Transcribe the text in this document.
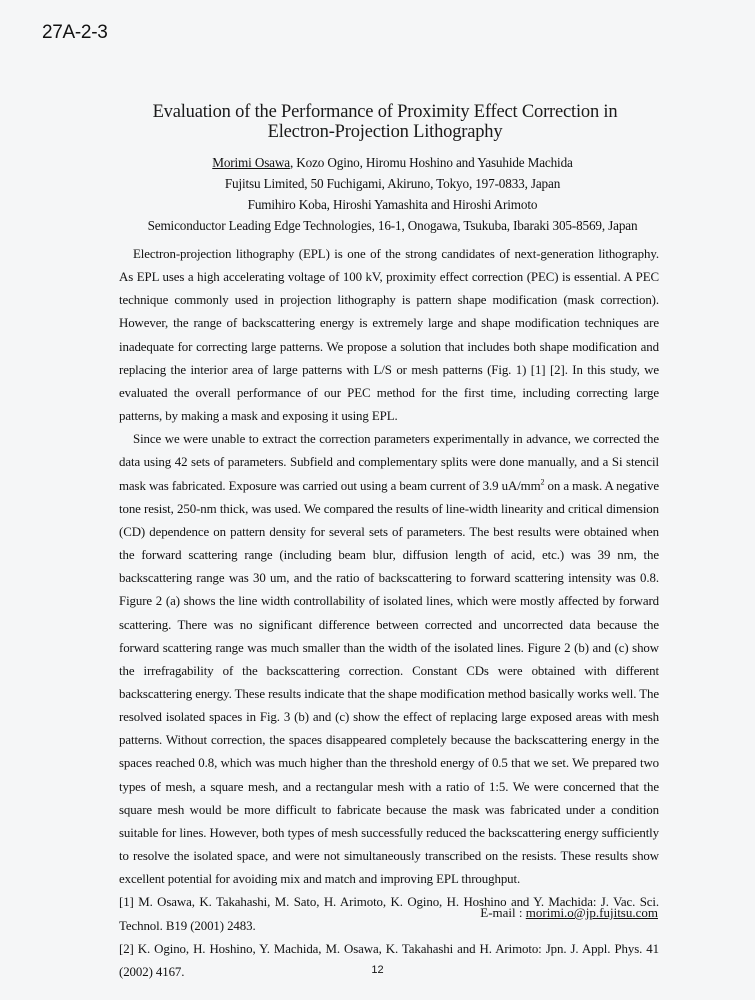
27A-2-3
Evaluation of the Performance of Proximity Effect Correction in
Electron-Projection Lithography
Morimi Osawa, Kozo Ogino, Hiromu Hoshino and Yasuhide Machida
Fujitsu Limited, 50 Fuchigami, Akiruno, Tokyo, 197-0833, Japan
Fumihiro Koba, Hiroshi Yamashita and Hiroshi Arimoto
Semiconductor Leading Edge Technologies, 16-1, Onogawa, Tsukuba, Ibaraki 305-8569, Japan

Electron-projection lithography (EPL) is one of the strong candidates of next-generation lithography. As EPL uses a high accelerating voltage of 100 kV, proximity effect correction (PEC) is essential. A PEC technique commonly used in projection lithography is pattern shape modification (mask correction). However, the range of backscattering energy is extremely large and shape modification techniques are inadequate for correcting large patterns. We propose a solution that includes both shape modification and replacing the interior area of large patterns with L/S or mesh patterns (Fig. 1) [1] [2]. In this study, we evaluated the overall performance of our PEC method for the first time, including correcting large patterns, by making a mask and exposing it using EPL.

Since we were unable to extract the correction parameters experimentally in advance, we corrected the data using 42 sets of parameters. Subfield and complementary splits were done manually, and a Si stencil mask was fabricated. Exposure was carried out using a beam current of 3.9 $uA/mm^2$ on a mask. A negative tone resist, 250-nm thick, was used. We compared the results of line-width linearity and critical dimension (CD) dependence on pattern density for several sets of parameters. The best results were obtained when the forward scattering range (including beam blur, diffusion length of acid, etc.) was 39 nm, the backscattering range was 30 um, and the ratio of backscattering to forward scattering intensity was 0.8. Figure 2 (a) shows the line width controllability of isolated lines, which were mostly affected by forward scattering. There was no significant difference between corrected and uncorrected data because the forward scattering range was much smaller than the width of the isolated lines. Figure 2 (b) and (c) show the irrefragability of the backscattering correction. Constant CDs were obtained with different backscattering energy. These results indicate that the shape modification method basically works well. The resolved isolated spaces in Fig. 3 (b) and (c) show the effect of replacing large exposed areas with mesh patterns. Without correction, the spaces disappeared completely because the backscattering energy in the spaces reached 0.8, which was much higher than the threshold energy of 0.5 that we set. We prepared two types of mesh, a square mesh, and a rectangular mesh with a ratio of 1:5. We were concerned that the square mesh would be more difficult to fabricate because the mask was fabricated under a condition suitable for lines. However, both types of mesh successfully reduced the backscattering energy sufficiently to resolve the isolated space, and were not simultaneously transcribed on the resists. These results show excellent potential for avoiding mix and match and improving EPL throughput.

[1] M. Osawa, K. Takahashi, M. Sato, H. Arimoto, K. Ogino, H. Hoshino and Y. Machida: J. Vac. Sci. Technol. B19 (2001) 2483.
[2] K. Ogino, H. Hoshino, Y. Machida, M. Osawa, K. Takahashi and H. Arimoto: Jpn. J. Appl. Phys. 41 (2002) 4167.
E-mail : morimi.o@jp.fujitsu.com
12
